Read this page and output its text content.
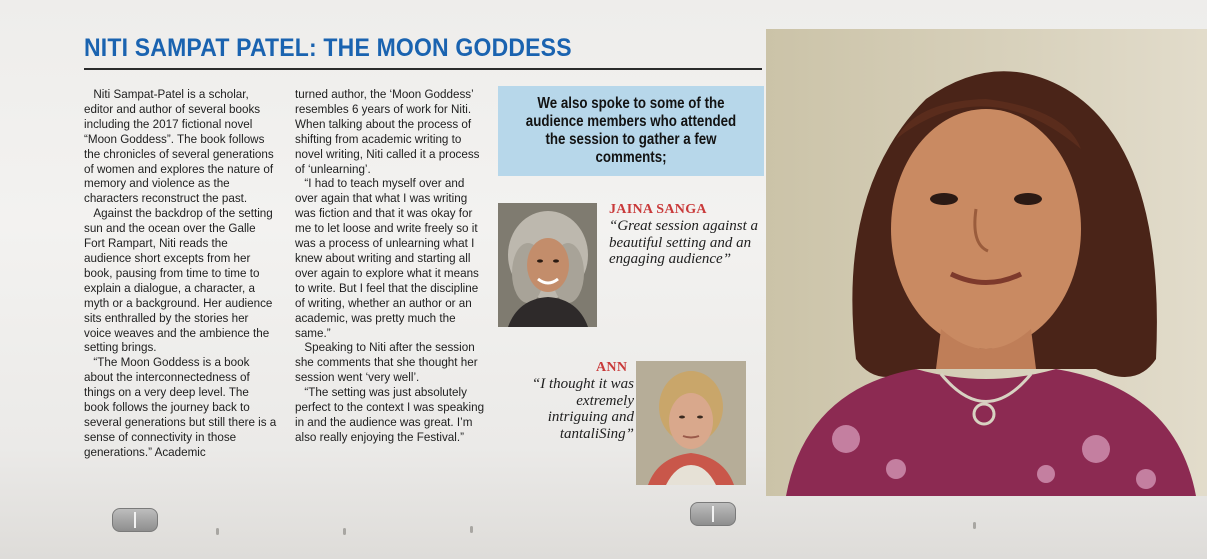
NITI SAMPAT PATEL: THE MOON GODDESS

Niti Sampat-Patel is a scholar, editor and author of several books including the 2017 fictional novel “Moon Goddess”. The book follows the chronicles of several generations of women and explores the nature of memory and violence as the characters reconstruct the past.

Against the backdrop of the setting sun and the ocean over the Galle Fort Rampart, Niti reads the audience short excepts from her book, pausing from time to time to explain a dialogue, a character, a myth or a background. Her audience sits enthralled by the stories her voice weaves and the ambience the setting brings.

“The Moon Goddess is a book about the interconnectedness of things on a very deep level. The book follows the journey back to several generations but still there is a sense of connectivity in those generations.” Academic

turned author, the ‘Moon Goddess’ resembles 6 years of work for Niti. When talking about the process of shifting from academic writing to novel writing, Niti called it a process of ‘unlearning’.

“I had to teach myself over and over again that what I was writing was fiction and that it was okay for me to let loose and write freely so it was a process of unlearning what I knew about writing and starting all over again to explore what it means to write. But I feel that the discipline of writing, whether an author or an academic, was pretty much the same.”

Speaking to Niti after the session she comments that she thought her session went ‘very well’.

“The setting was just absolutely perfect to the context I was speaking in and the audience was great. I’m also really enjoying the Festival.”

We also spoke to some of the audience members who attended the session to gather a few comments;
JAINA SANGA
“Great session against a beautiful setting and an engaging audience”
ANN
“I thought it was extremely intriguing and tantaliSing”
